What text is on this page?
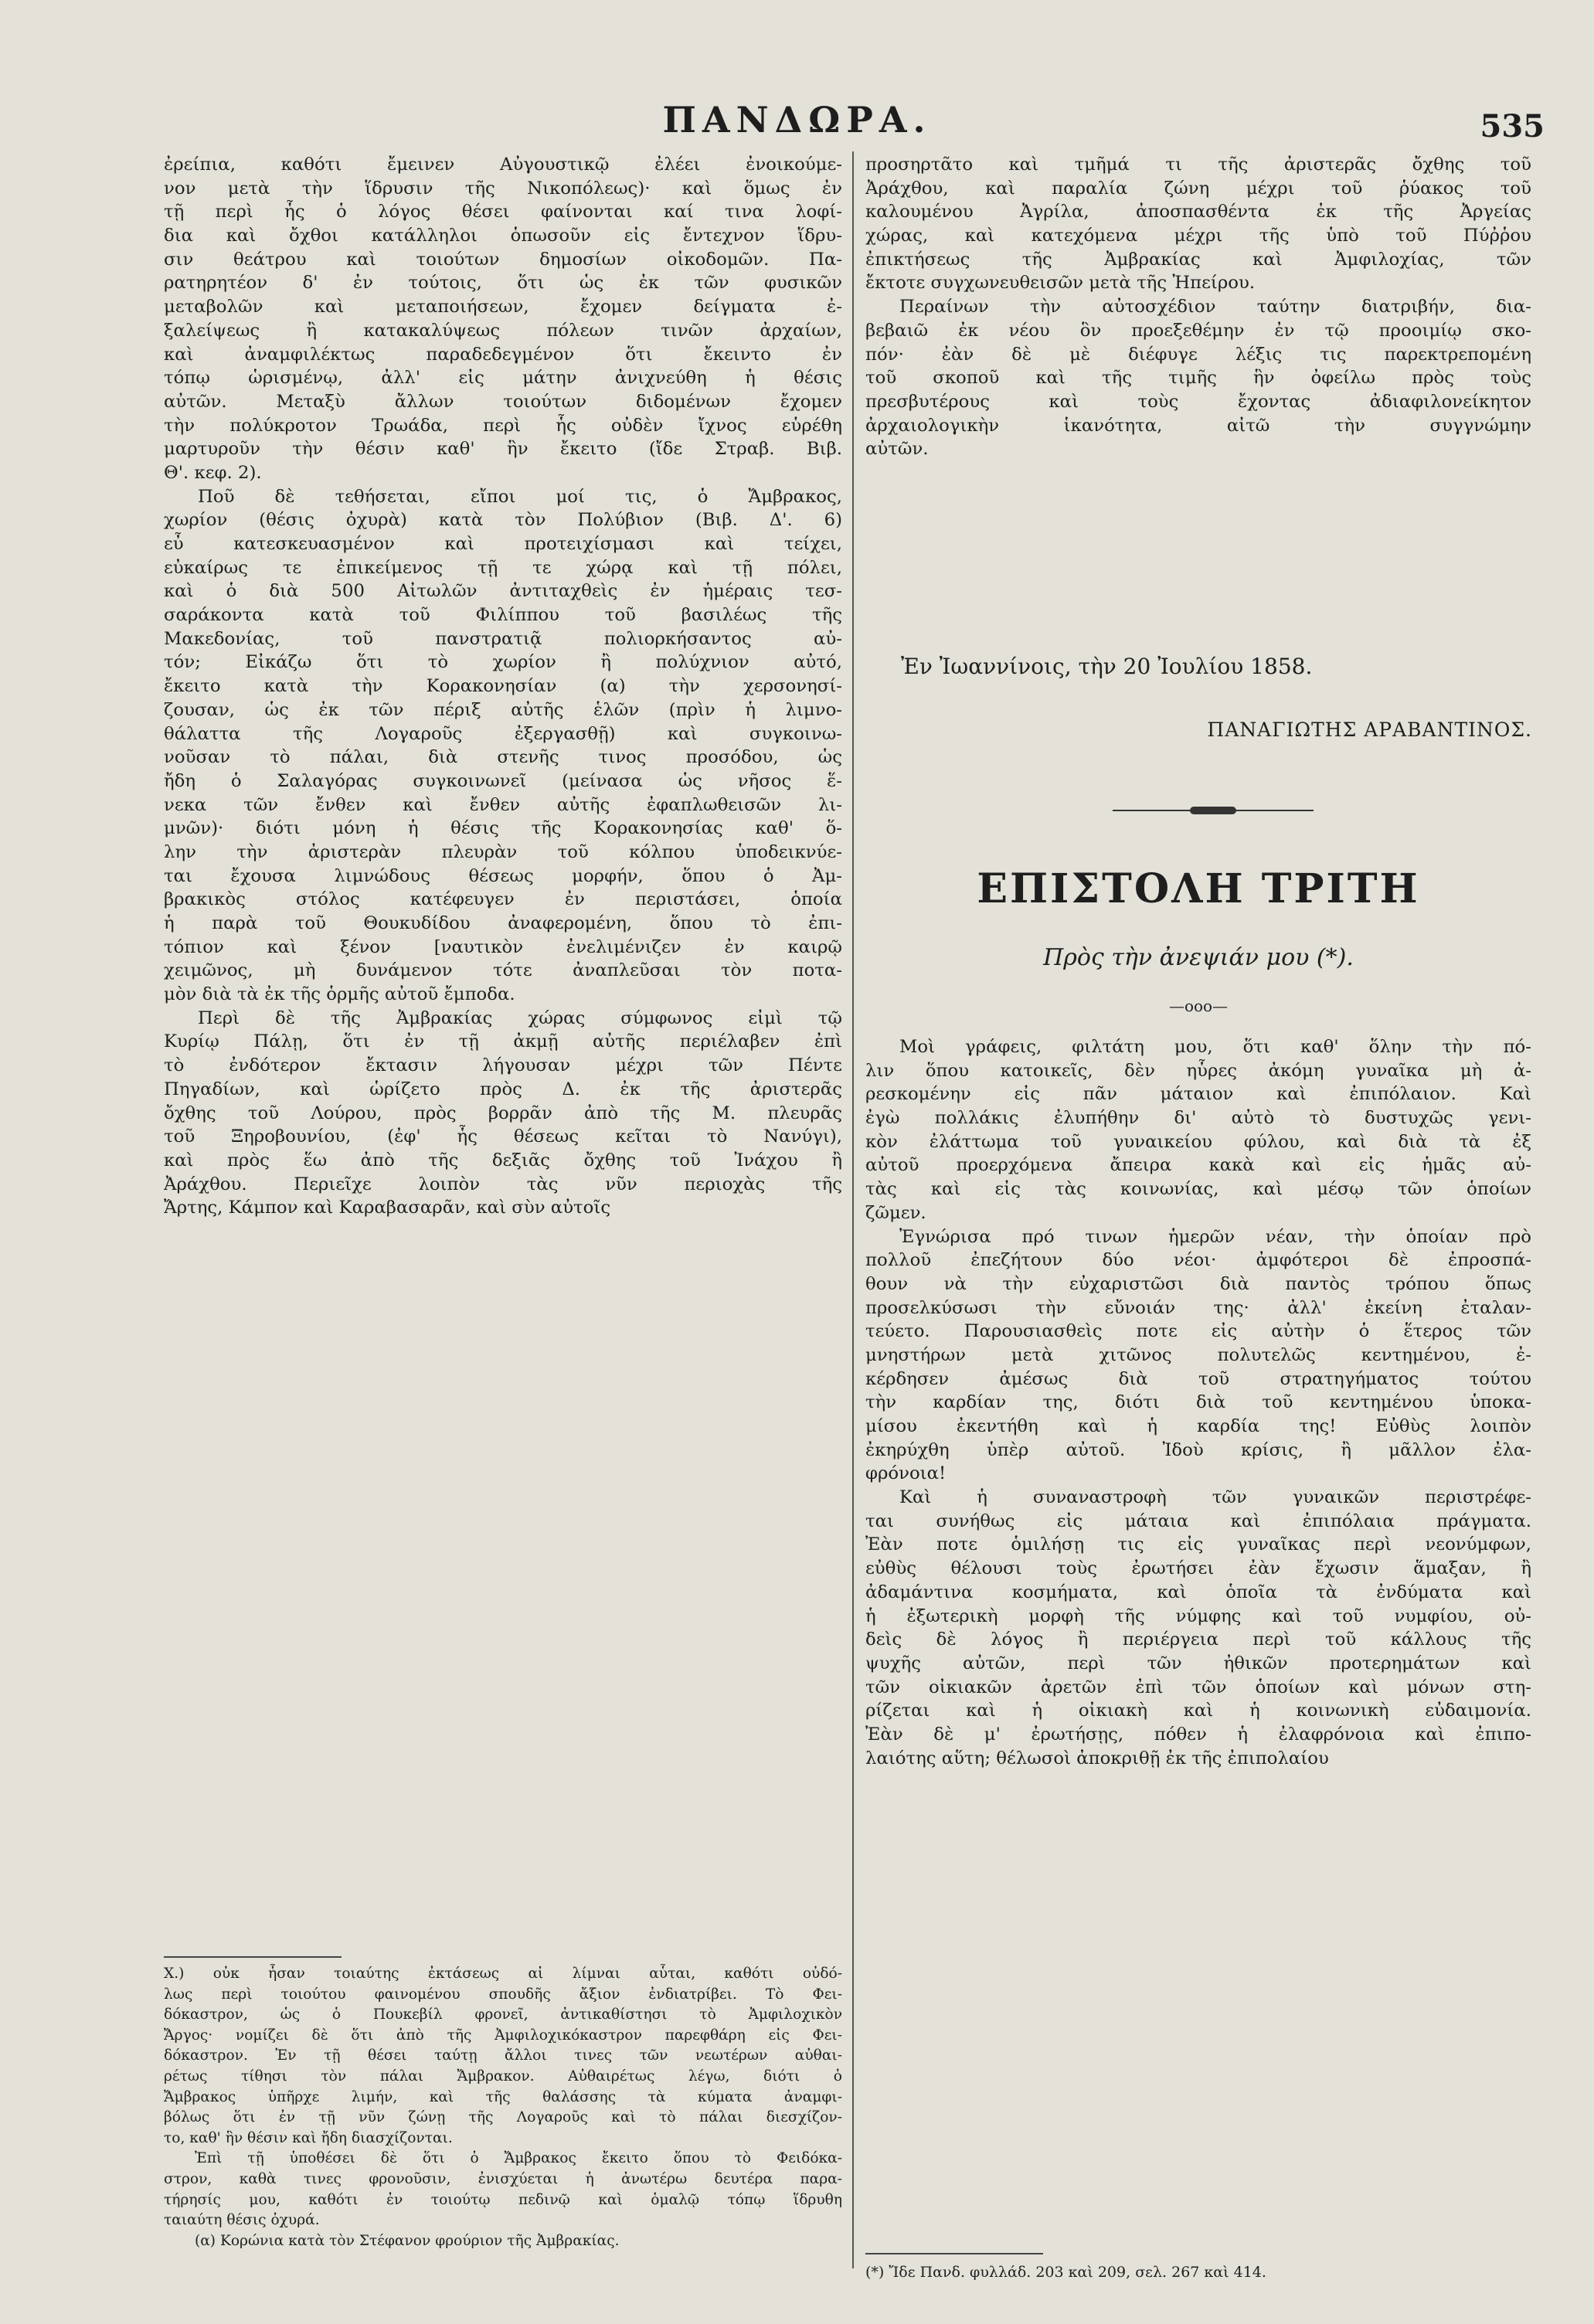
ΠΑΝΔΩΡΑ.	535
ἐρείπια, καθότι ἔμεινεν Αὐγουστικῷ ἐλέει ἐνοικούμε-
νον μετὰ τὴν ἵδρυσιν τῆς Νικοπόλεως)· καὶ ὅμως ἐν
τῇ περὶ ἧς ὁ λόγος θέσει φαίνονται καί τινα λοφί-
δια καὶ ὄχθοι κατάλληλοι ὁπωσοῦν εἰς ἔντεχνον ἵδρυ-
σιν θεάτρου καὶ τοιούτων δημοσίων οἰκοδομῶν. Πα-
ρατηρητέον δ' ἐν τούτοις, ὅτι ὡς ἐκ τῶν φυσικῶν
μεταβολῶν καὶ μεταποιήσεων, ἔχομεν δείγματα ἐ-
ξαλείψεως ἢ κατακαλύψεως πόλεων τινῶν ἀρχαίων,
καὶ ἀναμφιλέκτως παραδεδεγμένον ὅτι ἔκειντο ἐν
τόπῳ ὡρισμένῳ, ἀλλ' εἰς μάτην ἀνιχνεύθη ἡ θέσις
αὐτῶν. Μεταξὺ ἄλλων τοιούτων διδομένων ἔχομεν
τὴν πολύκροτον Τρωάδα, περὶ ἧς οὐδὲν ἴχνος εὑρέθη
μαρτυροῦν τὴν θέσιν καθ' ἣν ἔκειτο (ἴδε Στραβ. Βιβ.
Θ'. κεφ. 2).
Ποῦ δὲ τεθήσεται, εἴποι μοί τις, ὁ Ἄμβρακος,
χωρίον (θέσις ὀχυρὰ) κατὰ τὸν Πολύβιον (Βιβ. Δ'. 6)
εὖ κατεσκευασμένον καὶ προτειχίσμασι καὶ τείχει,
εὐκαίρως τε ἐπικείμενος τῇ τε χώρᾳ καὶ τῇ πόλει,
καὶ ὁ διὰ 500 Αἰτωλῶν ἀντιταχθεὶς ἐν ἡμέραις τεσ-
σαράκοντα κατὰ τοῦ Φιλίππου τοῦ βασιλέως τῆς
Μακεδονίας, τοῦ πανστρατιᾷ πολιορκήσαντος αὐ-
τόν; Εἰκάζω ὅτι τὸ χωρίον ἢ πολύχνιον αὐτό,
ἔκειτο κατὰ τὴν Κορακονησίαν (α) τὴν χερσονησί-
ζουσαν, ὡς ἐκ τῶν πέριξ αὐτῆς ἑλῶν (πρὶν ἡ λιμνο-
θάλαττα τῆς Λογαροῦς ἐξεργασθῇ) καὶ συγκοινω-
νοῦσαν τὸ πάλαι, διὰ στενῆς τινος προσόδου, ὡς
ἤδη ὁ Σαλαγόρας συγκοινωνεῖ (μείνασα ὡς νῆσος ἕ-
νεκα τῶν ἔνθεν καὶ ἔνθεν αὐτῆς ἐφαπλωθεισῶν λι-
μνῶν)· διότι μόνη ἡ θέσις τῆς Κορακονησίας καθ' ὅ-
λην τὴν ἀριστερὰν πλευρὰν τοῦ κόλπου ὑποδεικνύε-
ται ἔχουσα λιμνώδους θέσεως μορφήν, ὅπου ὁ Ἀμ-
βρακικὸς στόλος κατέφευγεν ἐν περιστάσει, ὁποία
ἡ παρὰ τοῦ Θουκυδίδου ἀναφερομένη, ὅπου τὸ ἐπι-
τόπιον καὶ ξένον [ναυτικὸν ἐνελιμένιζεν ἐν καιρῷ
χειμῶνος, μὴ δυνάμενον τότε ἀναπλεῦσαι τὸν ποτα-
μὸν διὰ τὰ ἐκ τῆς ὁρμῆς αὐτοῦ ἔμποδα.
Περὶ δὲ τῆς Ἀμβρακίας χώρας σύμφωνος εἰμὶ τῷ
Κυρίῳ Πάλῃ, ὅτι ἐν τῇ ἀκμῇ αὐτῆς περιέλαβεν ἐπὶ
τὸ ἐνδότερον ἔκτασιν λήγουσαν μέχρι τῶν Πέντε
Πηγαδίων, καὶ ὡρίζετο πρὸς Δ. ἐκ τῆς ἀριστερᾶς
ὄχθης τοῦ Λούρου, πρὸς βορρᾶν ἀπὸ τῆς Μ. πλευρᾶς
τοῦ Ξηροβουνίου, (ἐφ' ἧς θέσεως κεῖται τὸ Νανύγι),
καὶ πρὸς ἕω ἀπὸ τῆς δεξιᾶς ὄχθης τοῦ Ἰνάχου ἢ
Ἀράχθου. Περιεῖχε λοιπὸν τὰς νῦν περιοχὰς τῆς
Ἄρτης, Κάμπον καὶ Καραβασαρᾶν, καὶ σὺν αὐτοῖς
X.) οὐκ ἦσαν τοιαύτης ἐκτάσεως αἱ λίμναι αὗται, καθότι οὐδό-
λως περὶ τοιούτου φαινομένου σπουδῆς ἄξιον ἐνδιατρίβει. Τὸ Φει-
δόκαστρον, ὡς ὁ Πουκεβίλ φρονεῖ, ἀντικαθίστησι τὸ Ἀμφιλοχικὸν
Ἄργος· νομίζει δὲ ὅτι ἀπὸ τῆς Ἀμφιλοχικόκαστρον παρεφθάρη εἰς Φει-
δόκαστρον. Ἐν τῇ θέσει ταύτῃ ἄλλοι τινες τῶν νεωτέρων αὐθαι-
ρέτως τίθησι τὸν πάλαι Ἄμβρακον. Αὐθαιρέτως λέγω, διότι ὁ
Ἄμβρακος ὑπῆρχε λιμήν, καὶ τῆς θαλάσσης τὰ κύματα ἀναμφι-
βόλως ὅτι ἐν τῇ νῦν ζώνῃ τῆς Λογαροῦς καὶ τὸ πάλαι διεσχίζον-
το, καθ' ἣν θέσιν καὶ ἤδη διασχίζονται.
Ἐπὶ τῇ ὑποθέσει δὲ ὅτι ὁ Ἄμβρακος ἔκειτο ὅπου τὸ Φειδόκα-
στρον, καθὰ τινες φρονοῦσιν, ἐνισχύεται ἡ ἀνωτέρω δευτέρα παρα-
τήρησίς μου, καθότι ἐν τοιούτῳ πεδινῷ καὶ ὁμαλῷ τόπῳ ἵδρυθη
ταιαύτη θέσις ὀχυρά.
(α) Κορώνια κατὰ τὸν Στέφανον φρούριον τῆς Ἀμβρακίας.
προσηρτᾶτο καὶ τμῆμά τι τῆς ἀριστερᾶς ὄχθης τοῦ
Ἀράχθου, καὶ παραλία ζώνη μέχρι τοῦ ῥύακος τοῦ
καλουμένου Ἀγρίλα, ἀποσπασθέντα ἐκ τῆς Ἀργείας
χώρας, καὶ κατεχόμενα μέχρι τῆς ὑπὸ τοῦ Πύῤῥου
ἐπικτήσεως τῆς Ἀμβρακίας καὶ Ἀμφιλοχίας, τῶν
ἔκτοτε συγχωνευθεισῶν μετὰ τῆς Ἠπείρου.
Περαίνων τὴν αὐτοσχέδιον ταύτην διατριβήν, δια-
βεβαιῶ ἐκ νέου ὃν προεξεθέμην ἐν τῷ προοιμίῳ σκο-
πόν· ἐὰν δὲ μὲ διέφυγε λέξις τις παρεκτρεπομένη
τοῦ σκοποῦ καὶ τῆς τιμῆς ἣν ὀφείλω πρὸς τοὺς
πρεσβυτέρους καὶ τοὺς ἔχοντας ἀδιαφιλονείκητον
ἀρχαιολογικὴν ἱκανότητα, αἰτῶ τὴν συγγνώμην
αὐτῶν.
Ἐν Ἰωαννίνοις, τὴν 20 Ἰουλίου 1858.
ΠΑΝΑΓΙΩΤΗΣ ΑΡΑΒΑΝΤΙΝΟΣ.
ΕΠΙΣΤΟΛΗ ΤΡΙΤΗ
Πρὸς τὴν ἀνεψιάν μου (*).
—ooo—
Μοὶ γράφεις, φιλτάτη μου, ὅτι καθ' ὅλην τὴν πό-
λιν ὅπου κατοικεῖς, δὲν ηὗρες ἀκόμη γυναῖκα μὴ ἀ-
ρεσκομένην εἰς πᾶν μάταιον καὶ ἐπιπόλαιον. Καὶ
ἐγὼ πολλάκις ἐλυπήθην δι' αὐτὸ τὸ δυστυχῶς γενι-
κὸν ἐλάττωμα τοῦ γυναικείου φύλου, καὶ διὰ τὰ ἐξ
αὐτοῦ προερχόμενα ἄπειρα κακὰ καὶ εἰς ἡμᾶς αὐ-
τὰς καὶ εἰς τὰς κοινωνίας, καὶ μέσῳ τῶν ὁποίων
ζῶμεν.
Ἐγνώρισα πρό τινων ἡμερῶν νέαν, τὴν ὁποίαν πρὸ
πολλοῦ ἐπεζήτουν δύο νέοι· ἀμφότεροι δὲ ἐπροσπά-
θουν νὰ τὴν εὐχαριστῶσι διὰ παντὸς τρόπου ὅπως
προσελκύσωσι τὴν εὔνοιάν της· ἀλλ' ἐκείνη ἐταλαν-
τεύετο. Παρουσιασθεὶς ποτε εἰς αὐτὴν ὁ ἕτερος τῶν
μνηστήρων μετὰ χιτῶνος πολυτελῶς κεντημένου, ἐ-
κέρδησεν ἀμέσως διὰ τοῦ στρατηγήματος τούτου
τὴν καρδίαν της, διότι διὰ τοῦ κεντημένου ὑποκα-
μίσου ἐκεντήθη καὶ ἡ καρδία της! Εὐθὺς λοιπὸν
ἐκηρύχθη ὑπὲρ αὐτοῦ. Ἰδοὺ κρίσις, ἢ μᾶλλον ἐλα-
φρόνοια!
Καὶ ἡ συναναστροφὴ τῶν γυναικῶν περιστρέφε-
ται συνήθως εἰς μάταια καὶ ἐπιπόλαια πράγματα.
Ἐὰν ποτε ὁμιλήσῃ τις εἰς γυναῖκας περὶ νεονύμφων,
εὐθὺς θέλουσι τοὺς ἐρωτήσει ἐὰν ἔχωσιν ἅμαξαν, ἢ
ἀδαμάντινα κοσμήματα, καὶ ὁποῖα τὰ ἐνδύματα καὶ
ἡ ἐξωτερικὴ μορφὴ τῆς νύμφης καὶ τοῦ νυμφίου, οὐ-
δεὶς δὲ λόγος ἢ περιέργεια περὶ τοῦ κάλλους τῆς
ψυχῆς αὐτῶν, περὶ τῶν ἠθικῶν προτερημάτων καὶ
τῶν οἰκιακῶν ἀρετῶν ἐπὶ τῶν ὁποίων καὶ μόνων στη-
ρίζεται καὶ ἡ οἰκιακὴ καὶ ἡ κοινωνικὴ εὐδαιμονία.
Ἐὰν δὲ μ' ἐρωτήσῃς, πόθεν ἡ ἐλαφρόνοια καὶ ἐπιπο-
λαιότης αὕτη; θέλωσοὶ ἀποκριθῇ ἐκ τῆς ἐπιπολαίου
(*) Ἴδε Πανδ. φυλλάδ. 203 καὶ 209, σελ. 267 καὶ 414.
